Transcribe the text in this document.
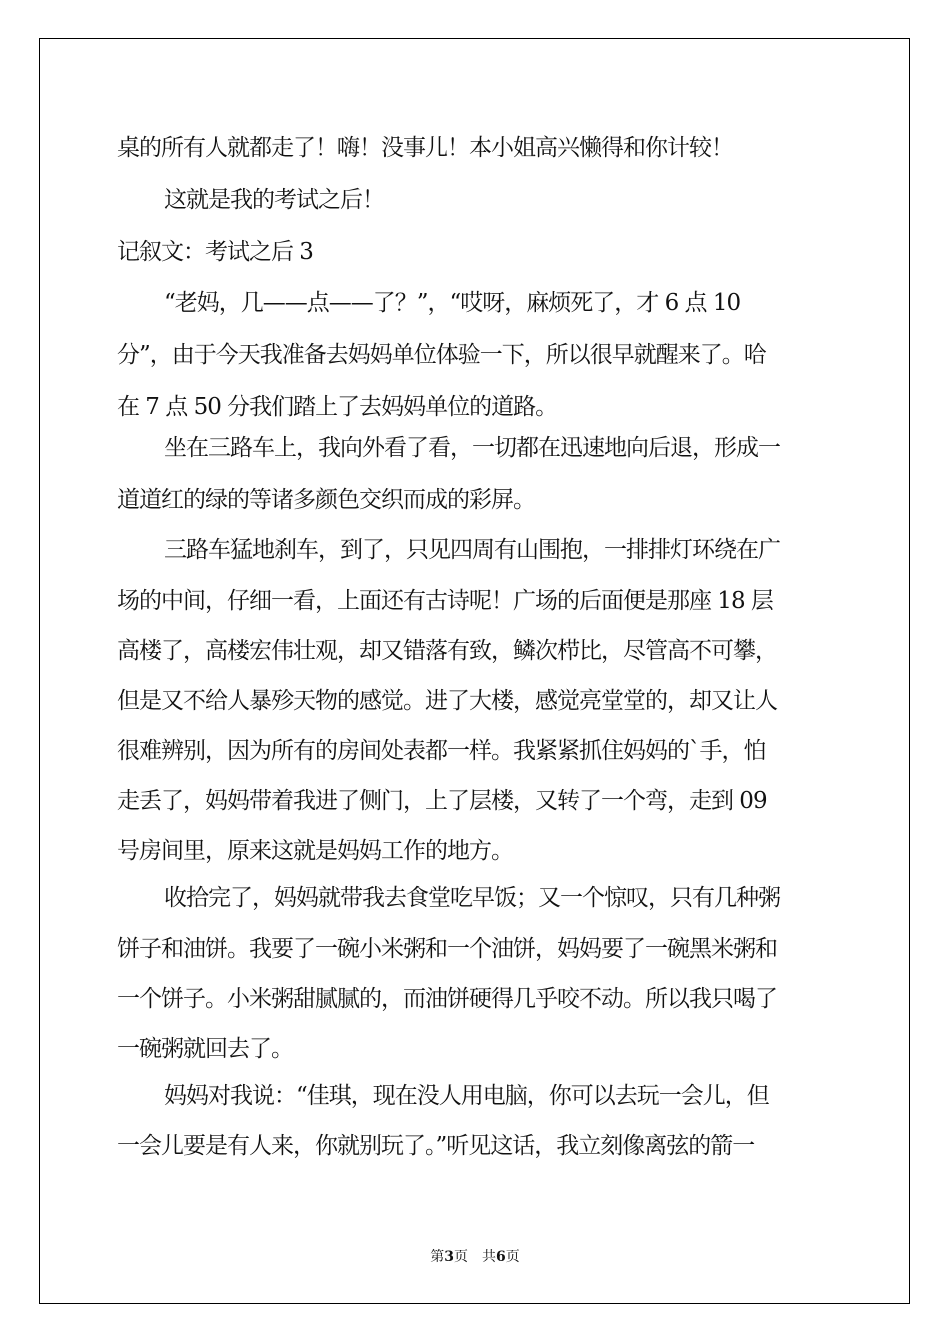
桌的所有人就都走了！嗨！没事儿！本小姐高兴懒得和你计较！
这就是我的考试之后！
记叙文：考试之后 3
“老妈，几——点——了？”，“哎呀，麻烦死了，才 6 点 10
分”，由于今天我准备去妈妈单位体验一下，所以很早就醒来了。哈
在 7 点 50 分我们踏上了去妈妈单位的道路。
坐在三路车上，我向外看了看，一切都在迅速地向后退，形成一
道道红的绿的等诸多颜色交织而成的彩屏。
三路车猛地刹车，到了，只见四周有山围抱，一排排灯环绕在广
场的中间，仔细一看，上面还有古诗呢！广场的后面便是那座 18 层
高楼了，高楼宏伟壮观，却又错落有致，鳞次栉比，尽管高不可攀，
但是又不给人暴殄天物的感觉。进了大楼，感觉亮堂堂的，却又让人
很难辨别，因为所有的房间处表都一样。我紧紧抓住妈妈的`手，怕
走丢了，妈妈带着我进了侧门，上了层楼，又转了一个弯，走到 09
号房间里，原来这就是妈妈工作的地方。
收拾完了，妈妈就带我去食堂吃早饭；又一个惊叹，只有几种粥
饼子和油饼。我要了一碗小米粥和一个油饼，妈妈要了一碗黑米粥和
一个饼子。小米粥甜腻腻的，而油饼硬得几乎咬不动。所以我只喝了
一碗粥就回去了。
妈妈对我说：“佳琪，现在没人用电脑，你可以去玩一会儿，但
一会儿要是有人来，你就别玩了。”听见这话，我立刻像离弦的箭一
第3页　共6页
